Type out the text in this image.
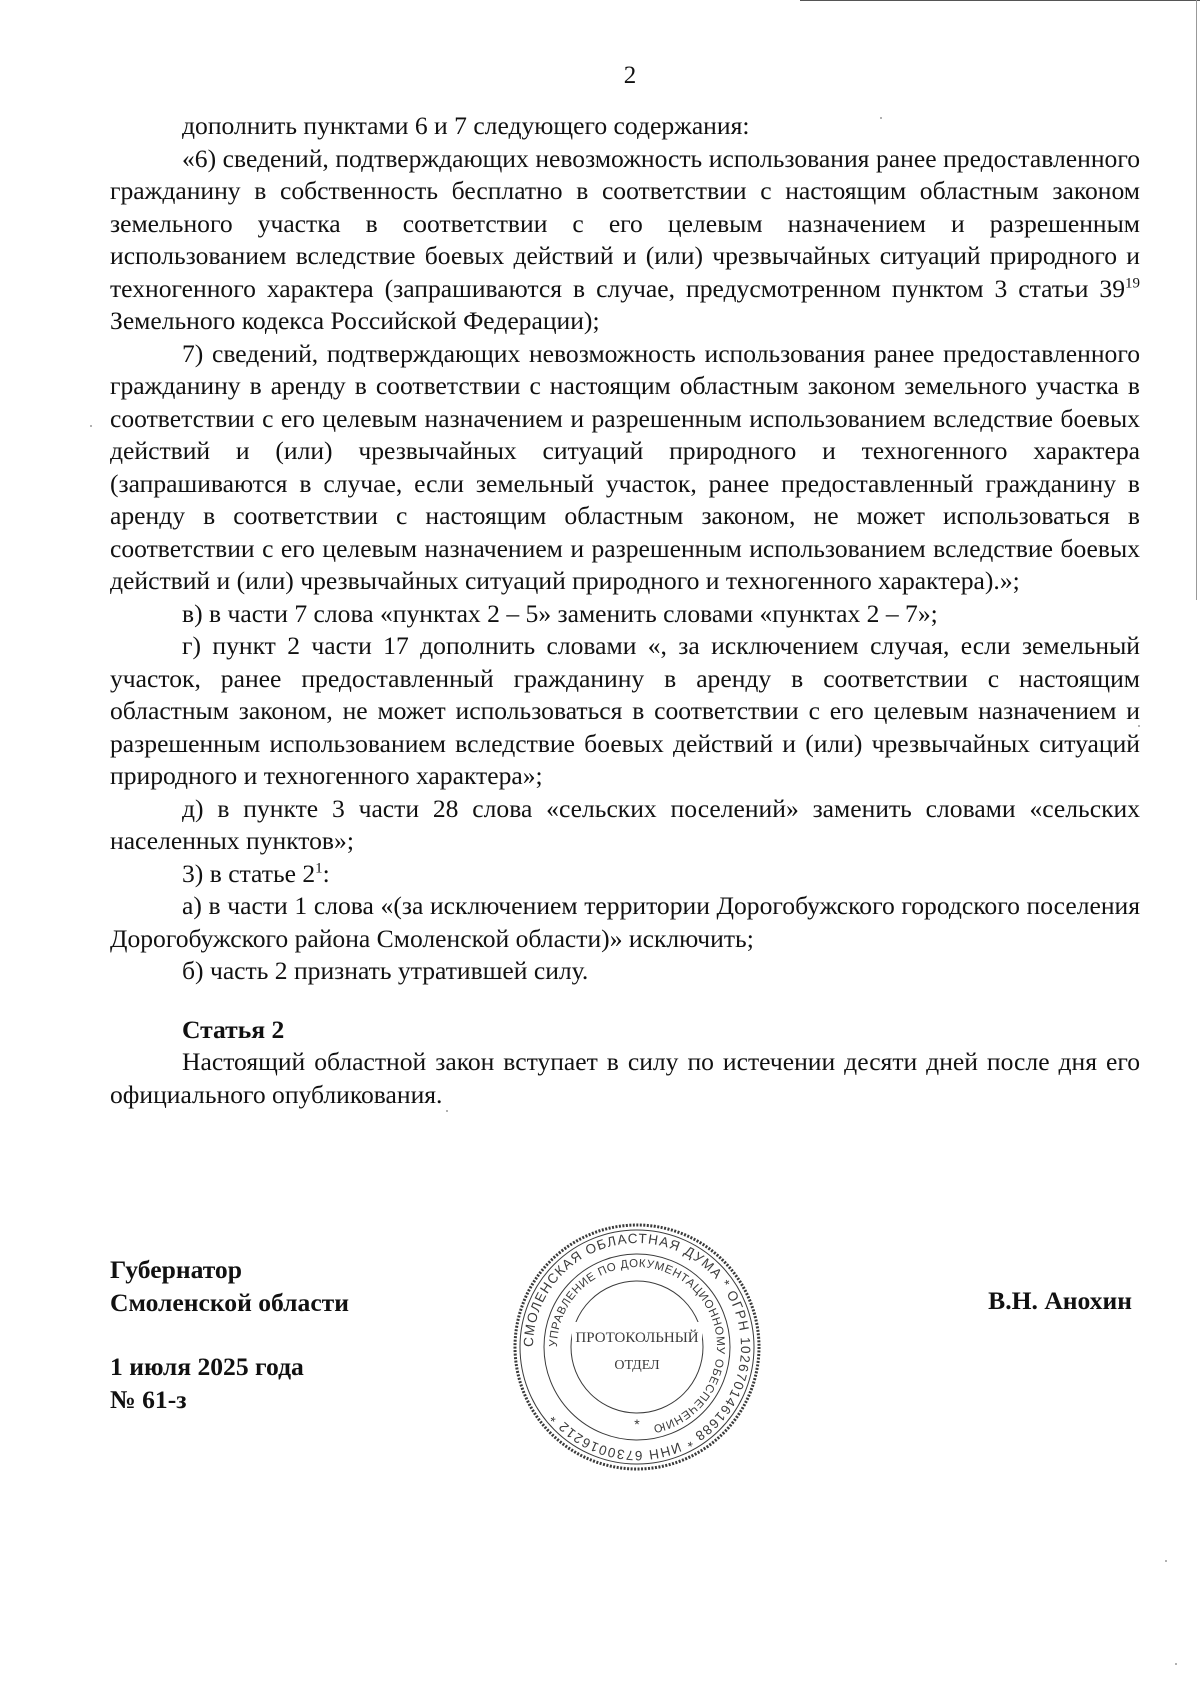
2

дополнить пунктами 6 и 7 следующего содержания:

«6) сведений, подтверждающих невозможность использования ранее предоставленного гражданину в собственность бесплатно в соответствии с настоящим областным законом земельного участка в соответствии с его целевым назначением и разрешенным использованием вследствие боевых действий и (или) чрезвычайных ситуаций природного и техногенного характера (запрашиваются в случае, предусмотренном пунктом 3 статьи $39^{19}$ Земельного кодекса Российской Федерации);

7) сведений, подтверждающих невозможность использования ранее предоставленного гражданину в аренду в соответствии с настоящим областным законом земельного участка в соответствии с его целевым назначением и разрешенным использованием вследствие боевых действий и (или) чрезвычайных ситуаций природного и техногенного характера (запрашиваются в случае, если земельный участок, ранее предоставленный гражданину в аренду в соответствии с настоящим областным законом, не может использоваться в соответствии с его целевым назначением и разрешенным использованием вследствие боевых действий и (или) чрезвычайных ситуаций природного и техногенного характера).»;

в) в части 7 слова «пунктах 2 – 5» заменить словами «пунктах 2 – 7»;

г) пункт 2 части 17 дополнить словами «, за исключением случая, если земельный участок, ранее предоставленный гражданину в аренду в соответствии с настоящим областным законом, не может использоваться в соответствии с его целевым назначением и разрешенным использованием вследствие боевых действий и (или) чрезвычайных ситуаций природного и техногенного характера»;

д) в пункте 3 части 28 слова «сельских поселений» заменить словами «сельских населенных пунктов»;

3) в статье $2^1$:

а) в части 1 слова «(за исключением территории Дорогобужского городского поселения Дорогобужского района Смоленской области)» исключить;

б) часть 2 признать утратившей силу.

Статья 2

Настоящий областной закон вступает в силу по истечении десяти дней после дня его официального опубликования.

Губернатор
Смоленской области
1 июля 2025 года
№ 61-з
В.Н. Анохин
СМОЛЕНСКАЯ ОБЛАСТНАЯ ДУМА * ОГРН 1026701461688 * ИНН 6730016212 *
УПРАВЛЕНИЕ ПО ДОКУМЕНТАЦИОННОМУ ОБЕСПЕЧЕНИЮ
ПРОТОКОЛЬНЫЙ
ОТДЕЛ
*
